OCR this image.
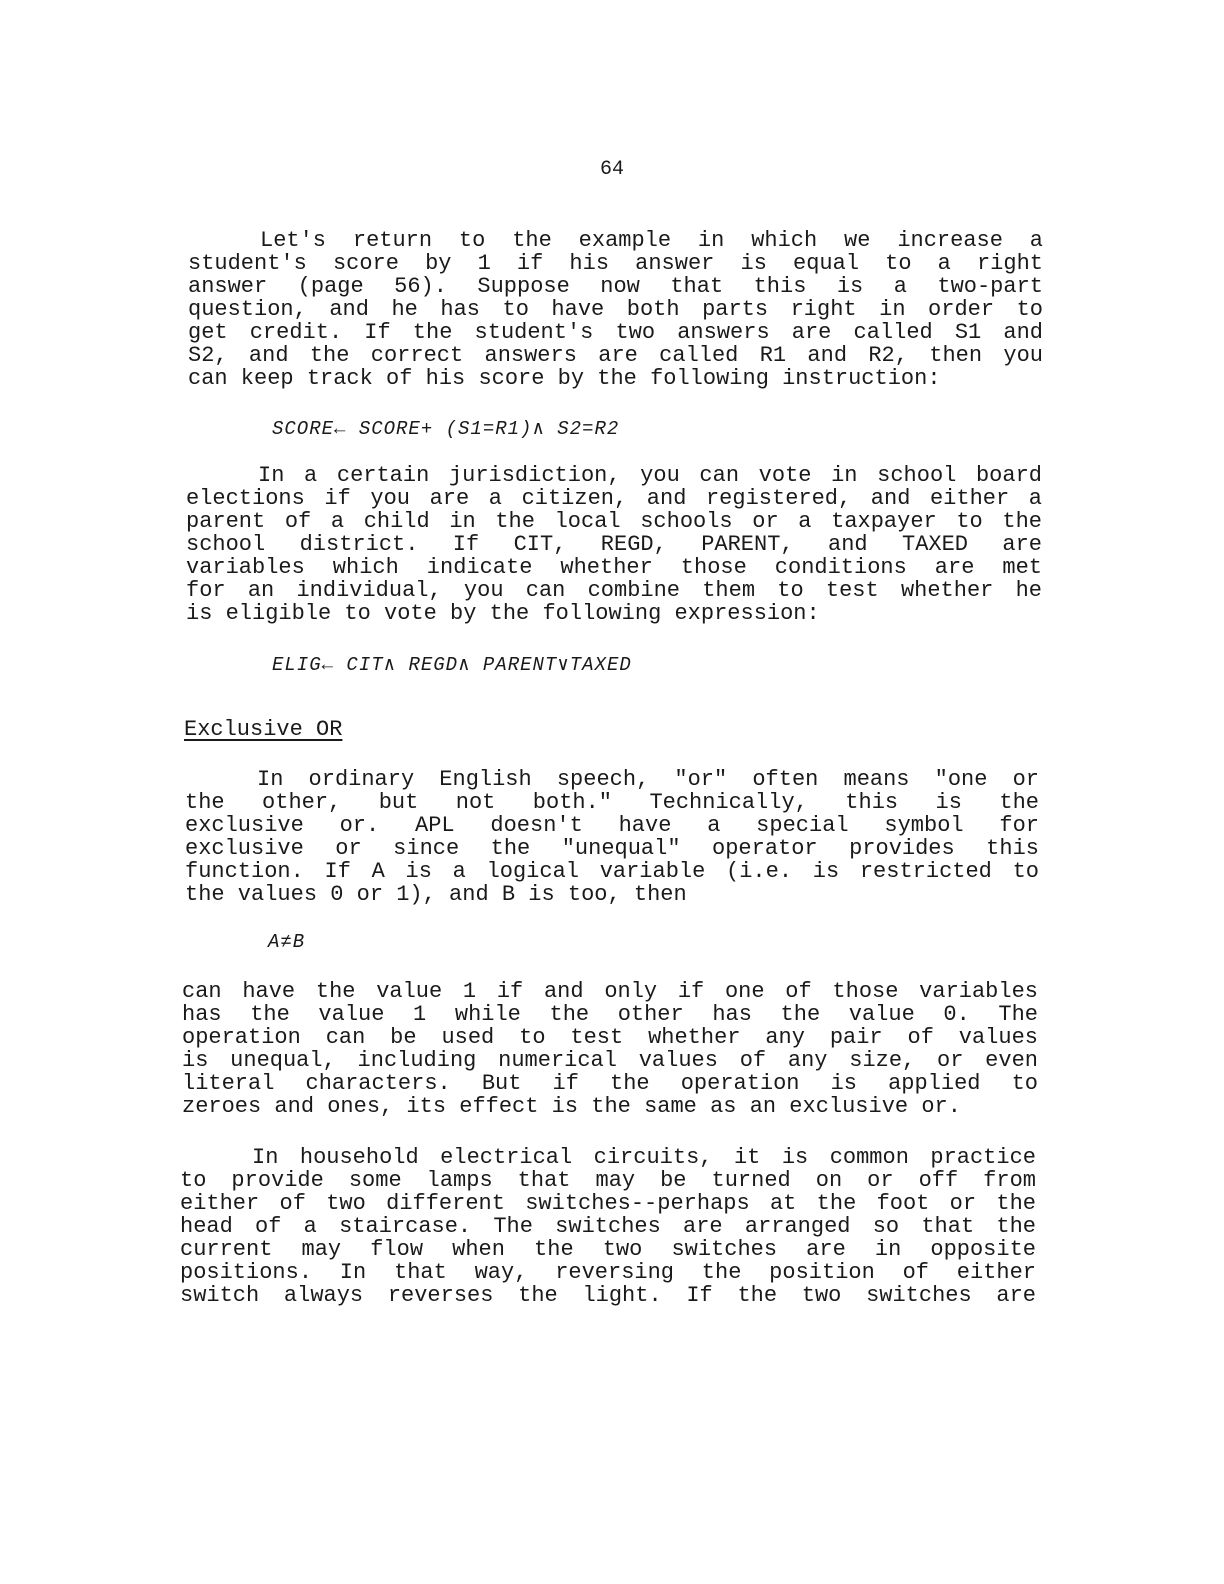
64
Let's return to the example in which we increase a
student's score by 1 if his answer is equal to a right
answer (page 56). Suppose now that this is a two-part
question, and he has to have both parts right in order to
get credit. If the student's two answers are called S1 and
S2, and the correct answers are called R1 and R2, then you
can keep track of his score by the following instruction:
SCORE← SCORE+ (S1=R1)∧ S2=R2
In a certain jurisdiction, you can vote in school board
elections if you are a citizen, and registered, and either a
parent of a child in the local schools or a taxpayer to the
school district. If CIT, REGD, PARENT, and TAXED are
variables which indicate whether those conditions are met
for an individual, you can combine them to test whether he
is eligible to vote by the following expression:
ELIG← CIT∧ REGD∧ PARENT∨TAXED
Exclusive OR
In ordinary English speech, "or" often means "one or
the other, but not both." Technically, this is the
exclusive or. APL doesn't have a special symbol for
exclusive or since the "unequal" operator provides this
function. If A is a logical variable (i.e. is restricted to
the values 0 or 1), and B is too, then
A≠B
can have the value 1 if and only if one of those variables
has the value 1 while the other has the value 0. The
operation can be used to test whether any pair of values
is unequal, including numerical values of any size, or even
literal characters. But if the operation is applied to
zeroes and ones, its effect is the same as an exclusive or.
In household electrical circuits, it is common practice
to provide some lamps that may be turned on or off from
either of two different switches--perhaps at the foot or the
head of a staircase. The switches are arranged so that the
current may flow when the two switches are in opposite
positions. In that way, reversing the position of either
switch always reverses the light. If the two switches are
